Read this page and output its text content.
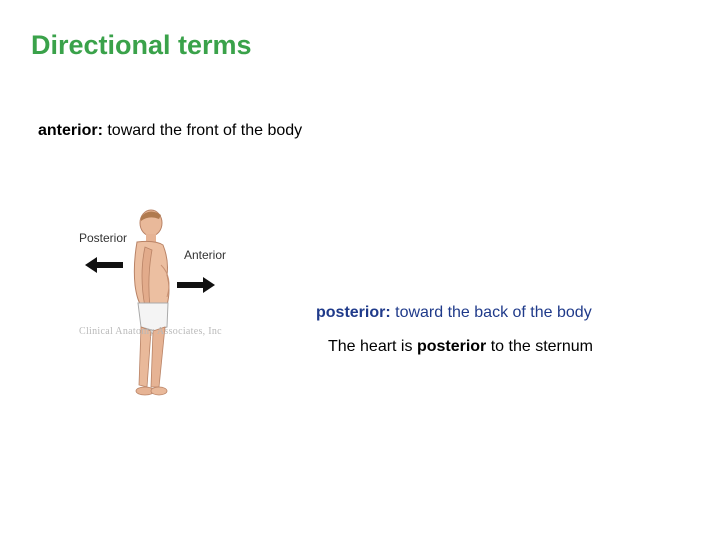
Directional terms
anterior: toward the front of the body
Posterior
Anterior
Clinical Anatomy Associates, Inc
posterior: toward the back of the body
The heart is posterior to the sternum
